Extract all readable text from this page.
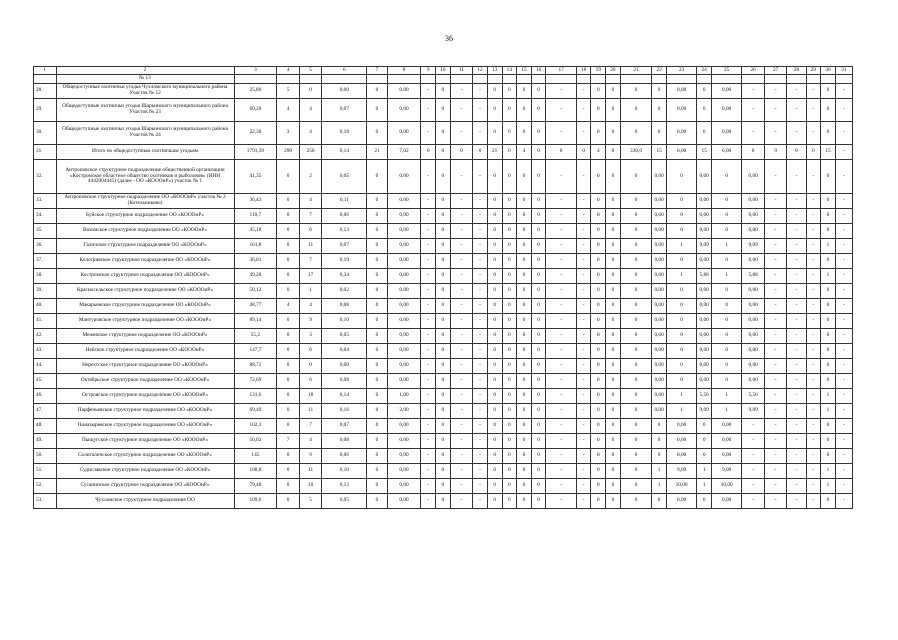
36
1	2	3	4	5	6	7	8	9	10	11	12	13	14	15	16	17	18	19	20	21	22	23	24	25	26	27	28	29	30	31
	№ 13																													
28.	Общедоступные охотничьи угодья Чухломского муниципального района Участок № 12	25,80	5	0	0,00	0	0,00	-	0	-	-	0	0	0	0	-	-	0	0	0	0	0,00	0	0,00	-	-	-	-	0	-
29.	Общедоступные охотничьи угодья Шарьинского муниципального района Участок № 23	60,20	4	4	0,07	0	0,00	-	0	-	-	0	0	0	0	-	-	0	0	0	0	0,00	0	0,00	-	-	-	-	0	-
30.	Общедоступные охотничьи угодья Шарьинского муниципального района Участок № 24	22,30	3	4	0,18	0	0,00	-	0	-	-	0	0	0	0	-	-	0	0	0	0	0,00	0	0,00	-	-	-	-	0	-
31.	Итого по общедоступным охотничьим угодьям	1791,39	299	250	0,14	21	7,02	0	0	0	0	21	0	4	0	0	0	4	0	330,0	15	6,00	15	6,00	0	0	0	0	15	-
32.	Антроповское структурное подразделение общественной организации «Костромское областное общество охотников и рыболовов» (ИНН 4442004445) (далее - ОО «КОООиР») участок № 1	41,35	0	2	0,05	0	0,00	-	0	-	-	0	0	0	0	-	-	0	0	0	0,00	0	0,00	0	0,00	-	-	-	0	-
33.	Антроповское структурное подразделение ОО «КОООиР» участок № 2 (Котельниково)	36,43	0	4	0,11	0	0,00	-	0	-	-	0	0	0	0	-	-	0	0	0	0,00	0	0,00	0	0,00	-	-	-	0	-
34.	Буйское структурное подразделение ОО «КОООиР»	110,7	0	7	0,06	0	0,00	-	0	-	-	0	0	0	0	-	-	0	0	0	0,00	0	0,00	0	0,00	-	-	-	0	-
35.	Вохомское структурное подразделение ОО «КОООиР»	45,18	0	6	0,13	0	0,00	-	0	-	-	0	0	0	0	-	-	0	0	0	0,00	0	0,00	0	0,00	-	-	-	0	-
36.	Галичское структурное подразделение ОО «КОООиР»	161,8	0	11	0,07	0	0,00	-	0	-	-	0	0	0	0	-	-	0	0	0	0,00	1	9,09	1	9,09	-	-	-	1	-
37.	Кологривское структурное подразделение ОО «КОООиР»	36,01	0	7	0,19	0	0,00	-	0	-	-	0	0	0	0	-	-	0	0	0	0,00	0	0,00	0	0,00	-	-	-	0	-
38.	Костромское структурное подразделение ОО «КОООиР»	49,28	0	17	0,34	0	0,00	-	0	-	-	0	0	0	0	-	-	0	0	0	0,00	1	5,88	1	5,88	-	-	-	1	-
39.	Красносельское структурное подразделение ОО «КОООиР»	50,12	0	1	0,02	0	0,00	-	0	-	-	0	0	0	0	-	-	0	0	0	0,00	0	0,00	0	0,00	-	-	-	0	-
40.	Макарьевское структурное подразделение ОО «КОООиР»	48,77	4	4	0,08	0	0,00	-	0	-	-	0	0	0	0	-	-	0	0	0	0,00	0	0,00	0	0,00	-	-	-	0	-
41.	Мантуровское структурное подразделение ОО «КОООиР»	89,14	0	9	0,10	0	0,00	-	0	-	-	0	0	0	0	-	-	0	0	0	0,00	0	0,00	0	0,00	-	-	-	0	-
42.	Межевское структурное подразделение ОО «КОООиР»	55,2	0	3	0,05	0	0,00	-	0	-	-	0	0	0	0	-	-	0	0	0	0,00	0	0,00	0	0,00	-	-	-	0	-
43.	Нейское структурное подразделение ОО «КОООиР»	147,7	0	6	0,04	0	0,00	-	0	-	-	0	0	0	0	-	-	0	0	0	0,00	0	0,00	0	0,00	-	-	-	0	-
44.	Нерехтское структурное подразделение ОО «КОООиР»	88,72	0	0	0,00	0	0,00	-	0	-	-	0	0	0	0	-	-	0	0	0	0,00	0	0,00	0	0,00	-	-	-	0	-
45.	Октябрьское структурное подразделение ОО «КОООиР»	72,69	0	6	0,08	0	0,00	-	0	-	-	0	0	0	0	-	-	0	0	0	0,00	0	0,00	0	0,00	-	-	-	0	-
46.	Островское структурное подразделение ОО «КОООиР»	131,6	0	18	0,14	0	1,00	-	0	-	-	0	0	0	0	-	-	0	0	0	0,00	1	5,56	1	5,56	-	-	-	1	-
47.	Парфеньевское структурное подразделение ОО «КОООиР»	69,49	0	11	0,16	0	2,00	-	0	-	-	0	0	0	0	-	-	0	0	0	0,00	1	9,09	1	9,09	-	-	-	1	-
48.	Поназыревское структурное подразделение ОО «КОООиР»	102,3	0	7	0,07	0	0,00	-	0	-	-	0	0	0	0	-	-	0	0	0	0	0,00	0	0,00	-	-	-	-	0	-
49.	Пыщугское структурное подразделение ОО «КОООиР»	50,02	7	4	0,08	0	0,00	-	0	-	-	0	0	0	0	-	-	0	0	0	0	0,00	0	0,00	-	-	-	-	0	-
50.	Солигаличское структурное подразделение ОО «КОООиР»	145	0	9	0,06	0	0,00	-	0	-	-	0	0	0	0	-	-	0	0	0	0	0,00	0	0,00	-	-	-	-	0	-
51.	Судиславское структурное подразделение ОО «КОООиР»	108,8	0	11	0,10	0	0,00	-	0	-	-	0	0	0	0	-	-	0	0	0	1	9,09	1	9,09	-	-	-	-	1	-
52.	Сусанинское структурное подразделение ОО «КОООиР»	79,48	0	10	0,13	0	0,00	-	0	-	-	0	0	0	0	-	-	0	0	0	1	10,00	1	10,00	-	-	-	-	1	-
53.	Чухломское структурное подразделение ОО	109,6	0	5	0,05	0	0,00	-	0	-	-	0	0	0	0	-	-	0	0	0	0	0,00	0	0,00	-	-	-	-	0	-
